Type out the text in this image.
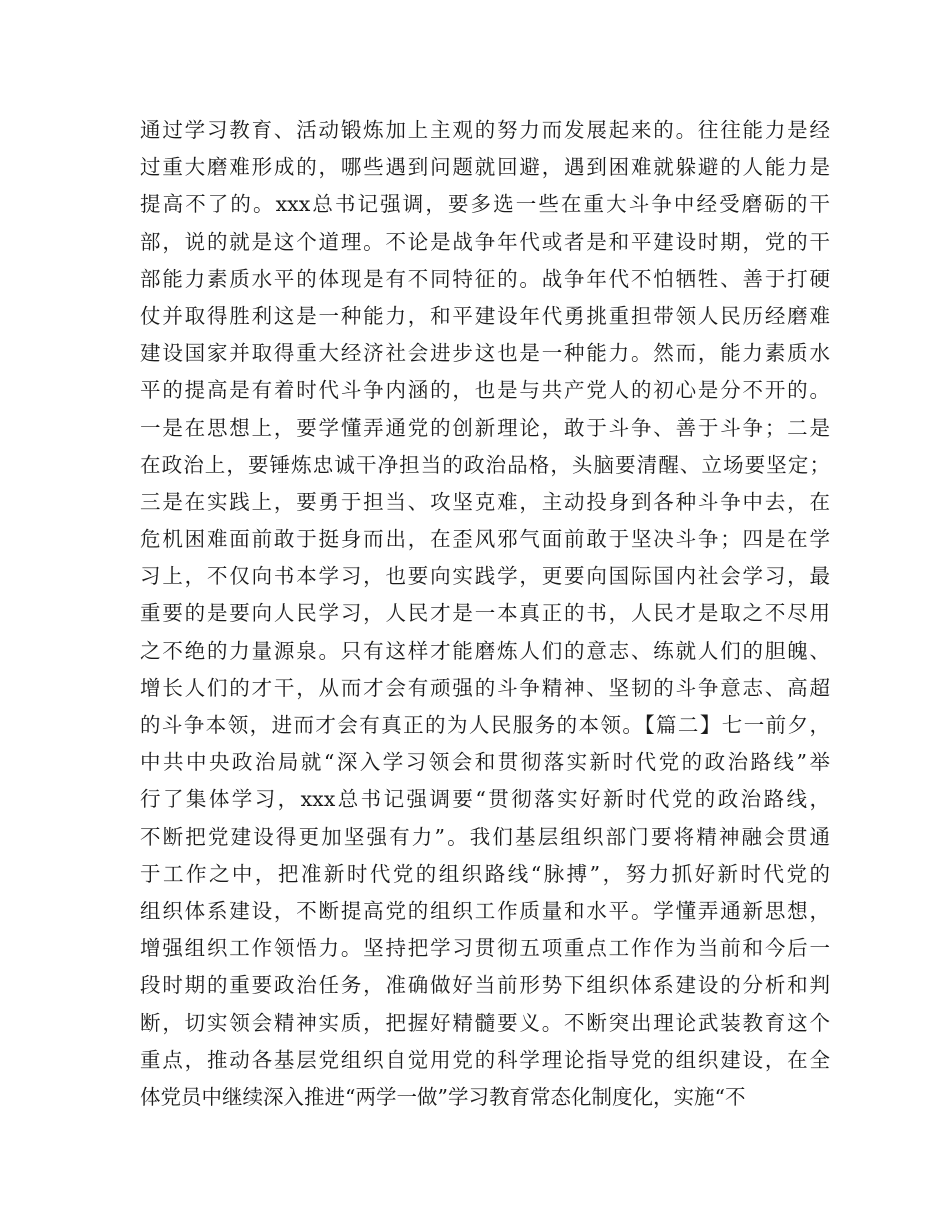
通过学习教育、活动锻炼加上主观的努力而发展起来的。往往能力是经
过重大磨难形成的，哪些遇到问题就回避，遇到困难就躲避的人能力是
提高不了的。xxx总书记强调，要多选一些在重大斗争中经受磨砺的干
部，说的就是这个道理。不论是战争年代或者是和平建设时期，党的干
部能力素质水平的体现是有不同特征的。战争年代不怕牺牲、善于打硬
仗并取得胜利这是一种能力，和平建设年代勇挑重担带领人民历经磨难
建设国家并取得重大经济社会进步这也是一种能力。然而，能力素质水
平的提高是有着时代斗争内涵的，也是与共产党人的初心是分不开的。
一是在思想上，要学懂弄通党的创新理论，敢于斗争、善于斗争；二是
在政治上，要锤炼忠诚干净担当的政治品格，头脑要清醒、立场要坚定；
三是在实践上，要勇于担当、攻坚克难，主动投身到各种斗争中去，在
危机困难面前敢于挺身而出，在歪风邪气面前敢于坚决斗争；四是在学
习上，不仅向书本学习，也要向实践学，更要向国际国内社会学习，最
重要的是要向人民学习，人民才是一本真正的书，人民才是取之不尽用
之不绝的力量源泉。只有这样才能磨炼人们的意志、练就人们的胆魄、
增长人们的才干，从而才会有顽强的斗争精神、坚韧的斗争意志、高超
的斗争本领，进而才会有真正的为人民服务的本领。【篇二】七一前夕，
中共中央政治局就“深入学习领会和贯彻落实新时代党的政治路线”举
行了集体学习，xxx总书记强调要“贯彻落实好新时代党的政治路线，
不断把党建设得更加坚强有力”。我们基层组织部门要将精神融会贯通
于工作之中，把准新时代党的组织路线“脉搏”，努力抓好新时代党的
组织体系建设，不断提高党的组织工作质量和水平。学懂弄通新思想，
增强组织工作领悟力。坚持把学习贯彻五项重点工作作为当前和今后一
段时期的重要政治任务，准确做好当前形势下组织体系建设的分析和判
断，切实领会精神实质，把握好精髓要义。不断突出理论武装教育这个
重点，推动各基层党组织自觉用党的科学理论指导党的组织建设，在全
体党员中继续深入推进“两学一做”学习教育常态化制度化，实施“不
